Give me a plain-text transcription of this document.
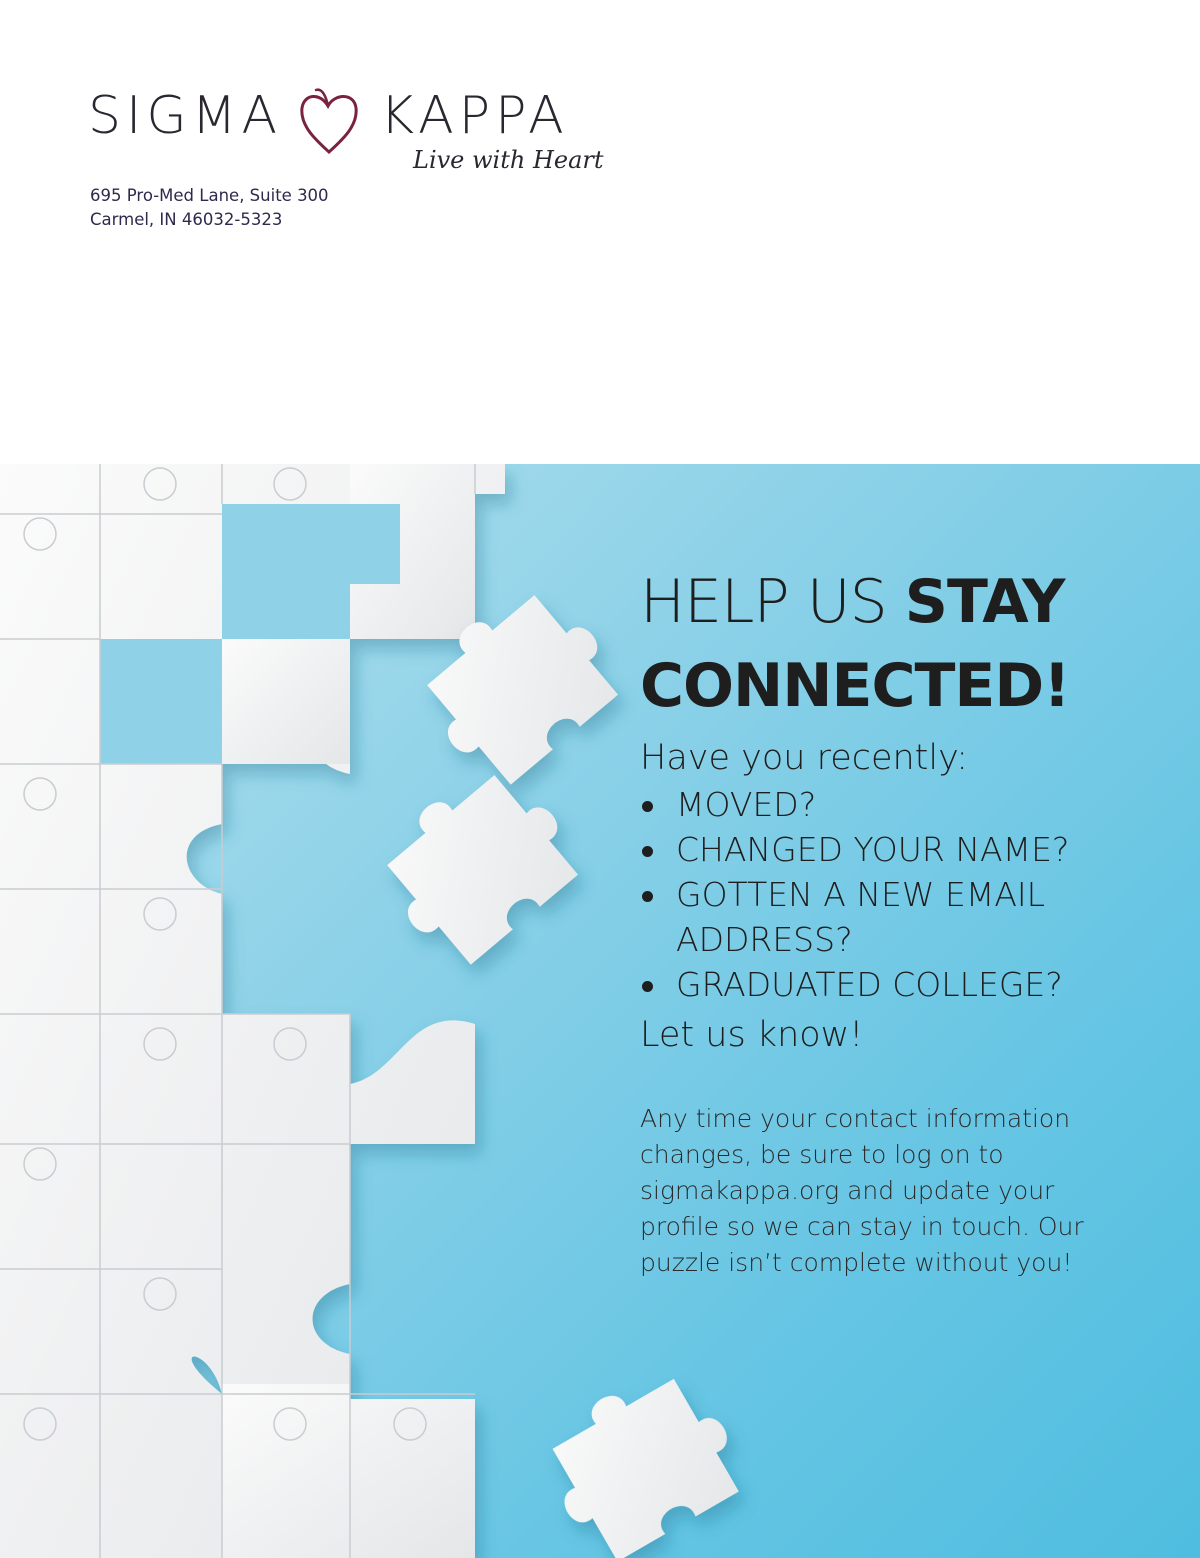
SIGMA KAPPA
Live with Heart
695 Pro-Med Lane, Suite 300
Carmel, IN 46032-5323
HELP US STAY
CONNECTED!
Have you recently:
MOVED?
CHANGED YOUR NAME?
GOTTEN A NEW EMAIL ADDRESS?
GRADUATED COLLEGE?
Let us know!

Any time your contact information changes, be sure to log on to sigmakappa.org and update your profile so we can stay in touch. Our puzzle isn’t complete without you!
